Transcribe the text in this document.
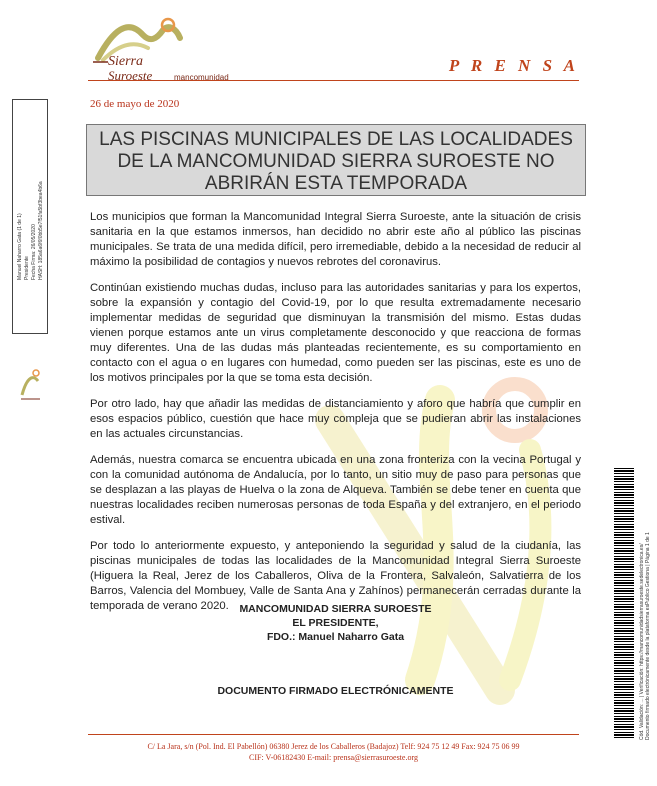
Sierra
Suroeste	mancomunidad
P R E N S A
26 de mayo de 2020
LAS PISCINAS MUNICIPALES DE LAS LOCALIDADES DE LA MANCOMUNIDAD SIERRA SUROESTE NO ABRIRÁN ESTA TEMPORADA

Los municipios que forman la Mancomunidad Integral Sierra Suroeste, ante la situación de crisis sanitaria en la que estamos inmersos, han decidido no abrir este año al público las piscinas municipales. Se trata de una medida difícil, pero irremediable, debido a la necesidad de reducir al máximo la posibilidad de contagios y nuevos rebrotes del coronavirus.

Continúan existiendo muchas dudas, incluso para las autoridades sanitarias y para los expertos, sobre la expansión y contagio del Covid-19, por lo que resulta extremadamente necesario implementar medidas de seguridad que disminuyan la transmisión del mismo. Estas dudas vienen porque estamos ante un virus completamente desconocido y que reacciona de formas muy diferentes. Una de las dudas más planteadas recientemente, es su comportamiento en contacto con el agua o en lugares con humedad, como pueden ser las piscinas, este es uno de los motivos principales por la que se toma esta decisión.

Por otro lado, hay que añadir las medidas de distanciamiento y aforo que habría que cumplir en esos espacios público, cuestión que hace muy compleja que se pudieran abrir las instalaciones en las actuales circunstancias.

Además, nuestra comarca se encuentra ubicada en una zona fronteriza con la vecina Portugal y con la comunidad autónoma de Andalucía, por lo tanto, un sitio muy de paso para personas que se desplazan a las playas de Huelva o la zona de Alqueva. También se debe tener en cuenta que nuestras localidades reciben numerosas personas de toda España y del extranjero, en el periodo estival.

Por todo lo anteriormente expuesto, y anteponiendo la seguridad y salud de la ciudanía, las piscinas municipales de todas las localidades de la Mancomunidad Integral Sierra Suroeste (Higuera la Real, Jerez de los Caballeros, Oliva de la Frontera, Salvaleón, Salvatierra de los Barros, Valencia del Mombuey, Valle de Santa Ana y Zahínos) permanecerán cerradas durante la temporada de verano 2020.	MANCOMUNIDAD SIERRA SUROESTE
EL PRESIDENTE,
FDO.: Manuel Naharro Gata
DOCUMENTO FIRMADO ELECTRÓNICAMENTE
C/ La Jara, s/n (Pol. Ind. El Pabellón) 06380 Jerez de los Caballeros (Badajoz) Telf: 924 75 12 49 Fax: 924 75 06 99
CIF: V-06182430 E-mail: prensa@sierrasuroeste.org
Manuel Naharro Gata (1 de 1)
Presidente
Fecha Firma: 26/05/2020
HASH: 185a6a6f6f0bb5e7f51fa5bf3bea4b6a
Cód. Validación: ... | Verificación: https://mancomunidadsierrasuroeste.sedelectronica.es/
Documento firmado electrónicamente desde la plataforma esPublico Gestiona | Página 1 de 1
